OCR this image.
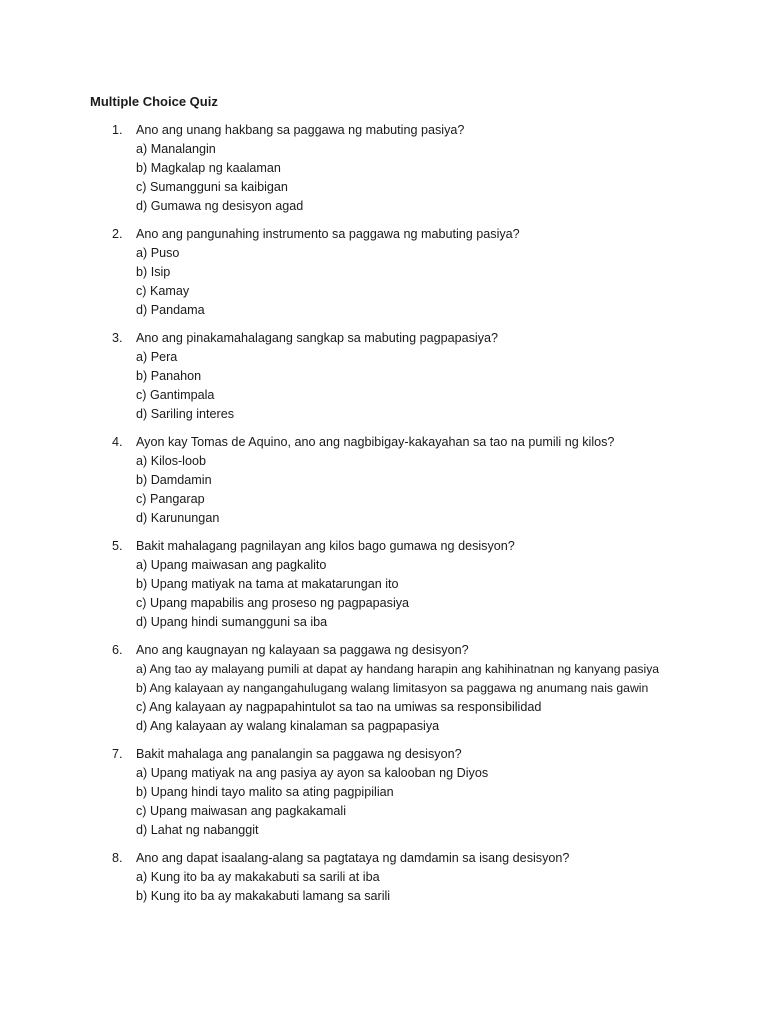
Multiple Choice Quiz
1. Ano ang unang hakbang sa paggawa ng mabuting pasiya?
a) Manalangin
b) Magkalap ng kaalaman
c) Sumangguni sa kaibigan
d) Gumawa ng desisyon agad
2. Ano ang pangunahing instrumento sa paggawa ng mabuting pasiya?
a) Puso
b) Isip
c) Kamay
d) Pandama
3. Ano ang pinakamahalagang sangkap sa mabuting pagpapasiya?
a) Pera
b) Panahon
c) Gantimpala
d) Sariling interes
4. Ayon kay Tomas de Aquino, ano ang nagbibigay-kakayahan sa tao na pumili ng kilos?
a) Kilos-loob
b) Damdamin
c) Pangarap
d) Karunungan
5. Bakit mahalagang pagnilayan ang kilos bago gumawa ng desisyon?
a) Upang maiwasan ang pagkalito
b) Upang matiyak na tama at makatarungan ito
c) Upang mapabilis ang proseso ng pagpapasiya
d) Upang hindi sumangguni sa iba
6. Ano ang kaugnayan ng kalayaan sa paggawa ng desisyon?
a) Ang tao ay malayang pumili at dapat ay handang harapin ang kahihinatnan ng kanyang pasiya
b) Ang kalayaan ay nangangahulugang walang limitasyon sa paggawa ng anumang nais gawin
c) Ang kalayaan ay nagpapahintulot sa tao na umiwas sa responsibilidad
d) Ang kalayaan ay walang kinalaman sa pagpapasiya
7. Bakit mahalaga ang panalangin sa paggawa ng desisyon?
a) Upang matiyak na ang pasiya ay ayon sa kalooban ng Diyos
b) Upang hindi tayo malito sa ating pagpipilian
c) Upang maiwasan ang pagkakamali
d) Lahat ng nabanggit
8. Ano ang dapat isaalang-alang sa pagtataya ng damdamin sa isang desisyon?
a) Kung ito ba ay makakabuti sa sarili at iba
b) Kung ito ba ay makakabuti lamang sa sarili
